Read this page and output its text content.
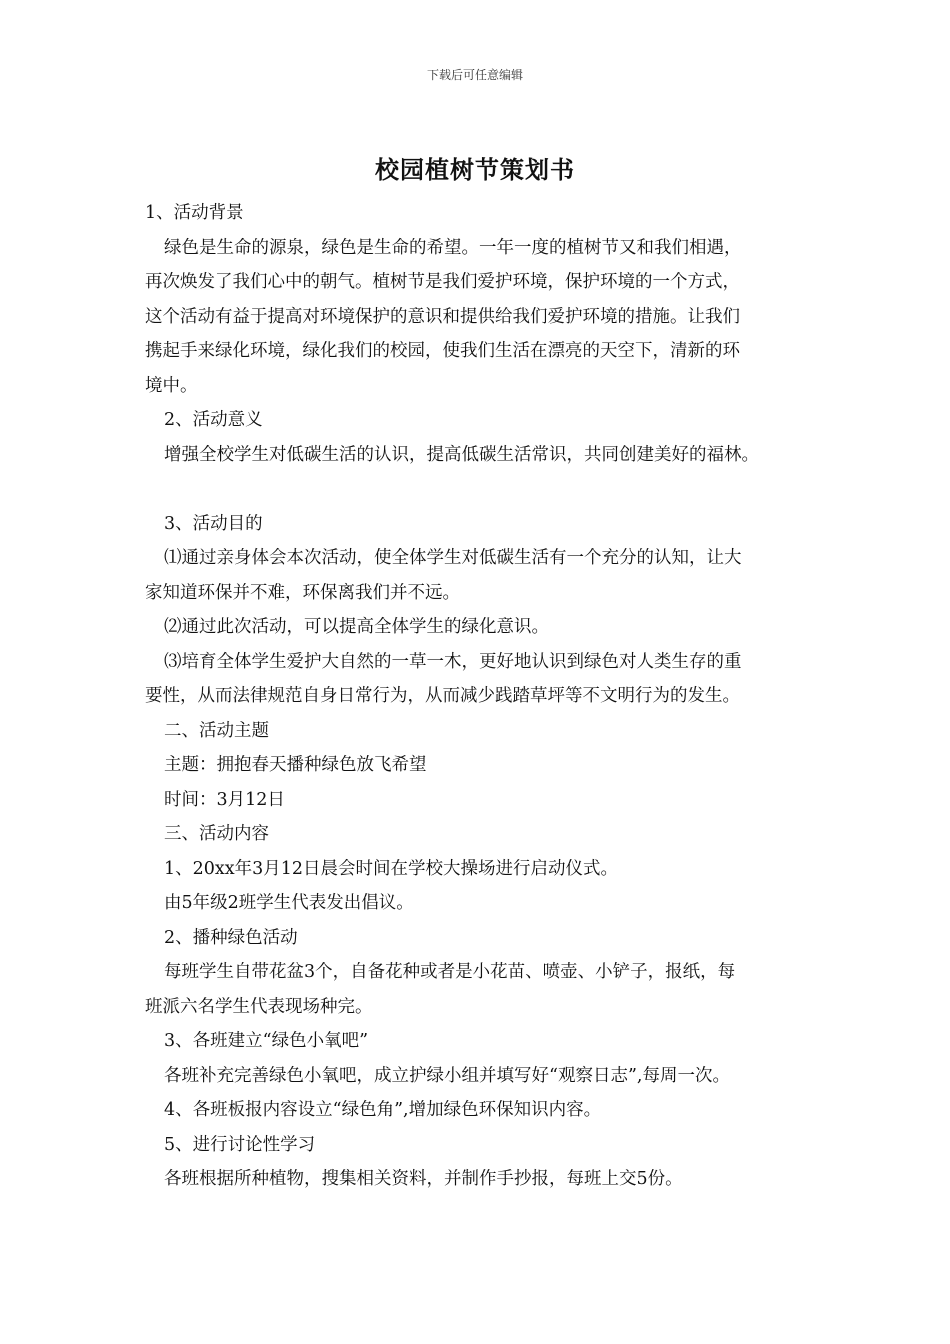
下载后可任意编辑
校园植树节策划书
1、活动背景
绿色是生命的源泉，绿色是生命的希望。一年一度的植树节又和我们相遇，
再次焕发了我们心中的朝气。植树节是我们爱护环境，保护环境的一个方式，
这个活动有益于提高对环境保护的意识和提供给我们爱护环境的措施。让我们
携起手来绿化环境，绿化我们的校园，使我们生活在漂亮的天空下，清新的环
境中。
2、活动意义
增强全校学生对低碳生活的认识，提高低碳生活常识，共同创建美好的福林。
3、活动目的
⑴通过亲身体会本次活动，使全体学生对低碳生活有一个充分的认知，让大
家知道环保并不难，环保离我们并不远。
⑵通过此次活动，可以提高全体学生的绿化意识。
⑶培育全体学生爱护大自然的一草一木，更好地认识到绿色对人类生存的重
要性，从而法律规范自身日常行为，从而减少践踏草坪等不文明行为的发生。
二、活动主题
主题：拥抱春天播种绿色放飞希望
时间：3月12日
三、活动内容
1、20xx年3月12日晨会时间在学校大操场进行启动仪式。
由5年级2班学生代表发出倡议。
2、播种绿色活动
每班学生自带花盆3个，自备花种或者是小花苗、喷壶、小铲子，报纸，每
班派六名学生代表现场种完。
3、各班建立“绿色小氧吧”
各班补充完善绿色小氧吧，成立护绿小组并填写好“观察日志”,每周一次。
4、各班板报内容设立“绿色角”,增加绿色环保知识内容。
5、进行讨论性学习
各班根据所种植物，搜集相关资料，并制作手抄报，每班上交5份。
